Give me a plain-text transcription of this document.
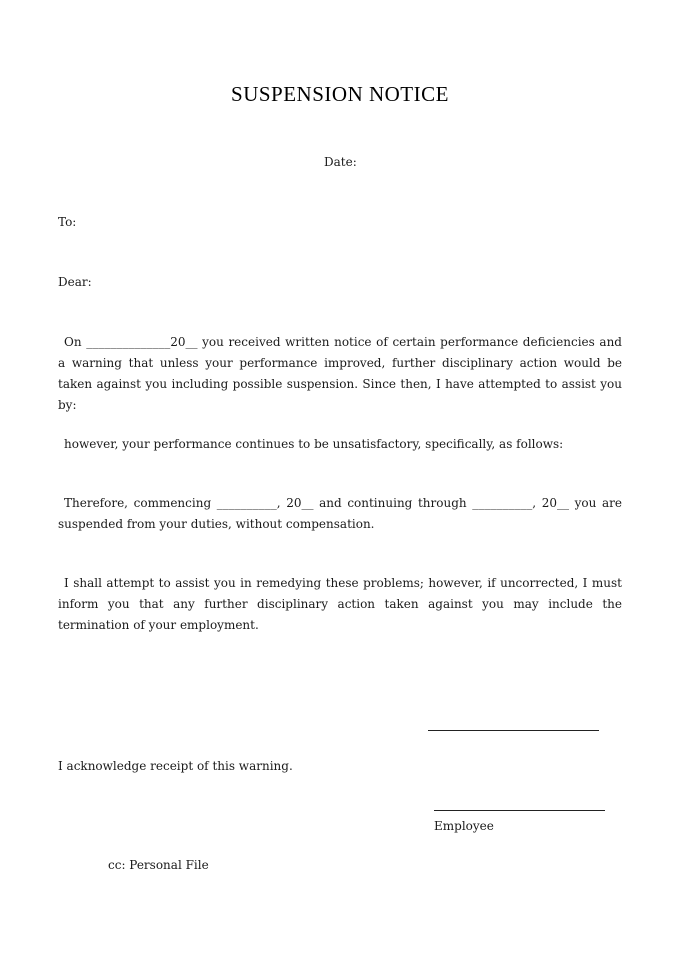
SUSPENSION NOTICE
Date:
To:
Dear:
On ______________20__ you received written notice of certain performance deficiencies and a warning that unless your performance improved, further disciplinary action would be taken against you including possible suspension. Since then, I have attempted to assist you by:
however, your performance continues to be unsatisfactory, specifically, as follows:
Therefore, commencing __________, 20__ and continuing through __________, 20__ you are suspended from your duties, without compensation.
I shall attempt to assist you in remedying these problems; however, if uncorrected, I must inform you that any further disciplinary action taken against you may include the termination of your employment.
I acknowledge receipt of this warning.
Employee
cc: Personal File
